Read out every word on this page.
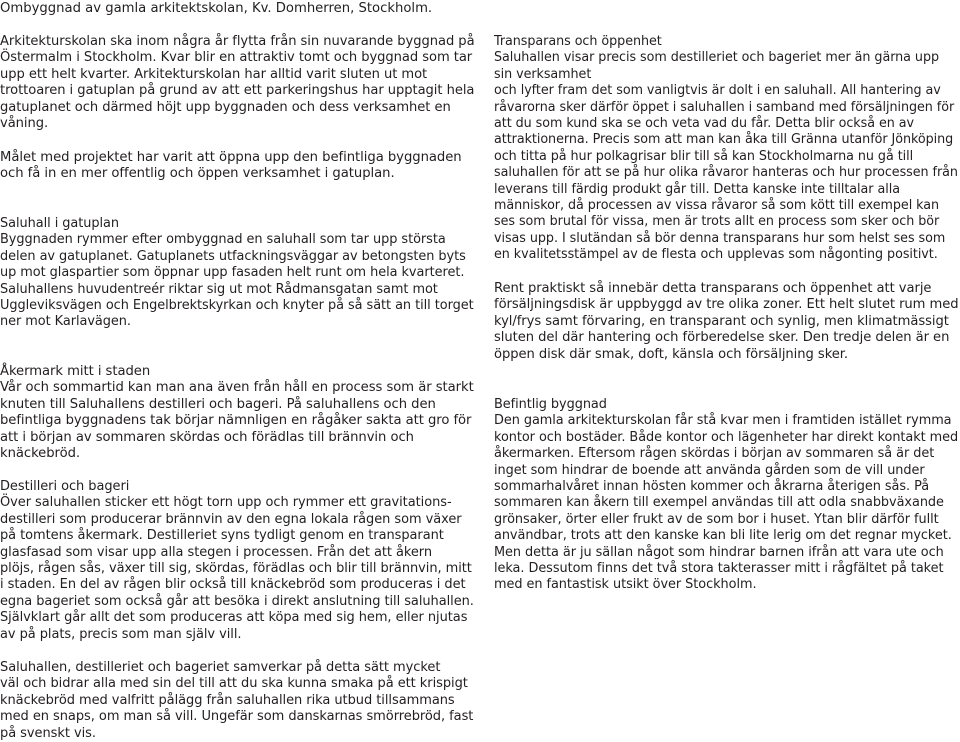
Ombyggnad av gamla arkitektskolan, Kv. Domherren, Stockholm.

Arkitekturskolan ska inom några år flytta från sin nuvarande byggnad på
Östermalm i Stockholm. Kvar blir en attraktiv tomt och byggnad som tar
upp ett helt kvarter. Arkitekturskolan har alltid varit sluten ut mot
trottoaren i gatuplan på grund av att ett parkeringshus har upptagit hela
gatuplanet och därmed höjt upp byggnaden och dess verksamhet en
våning.

Målet med projektet har varit att öppna upp den befintliga byggnaden
och få in en mer offentlig och öppen verksamhet i gatuplan.

Saluhall i gatuplan
Byggnaden rymmer efter ombyggnad en saluhall som tar upp största
delen av gatuplanet. Gatuplanets utfackningsväggar av betongsten byts
up mot glaspartier som öppnar upp fasaden helt runt om hela kvarteret.
Saluhallens huvudentreér riktar sig ut mot Rådmansgatan samt mot
Uggleviksvägen och Engelbrektskyrkan och knyter på så sätt an till torget
ner mot Karlavägen.
Åkermark mitt i staden
Vår och sommartid kan man ana även från håll en process som är starkt
knuten till Saluhallens destilleri och bageri. På saluhallens och den
befintliga byggnadens tak börjar nämnligen en rågåker sakta att gro för
att i början av sommaren skördas och förädlas till brännvin och
knäckebröd.
Destilleri och bageri
Över saluhallen sticker ett högt torn upp och rymmer ett gravitations-
destilleri som producerar brännvin av den egna lokala rågen som växer
på tomtens åkermark. Destilleriet syns tydligt genom en transparant
glasfasad som visar upp alla stegen i processen. Från det att åkern
plöjs, rågen sås, växer till sig, skördas, förädlas och blir till brännvin, mitt
i staden. En del av rågen blir också till knäckebröd som produceras i det
egna bageriet som också går att besöka i direkt anslutning till saluhallen.
Självklart går allt det som produceras att köpa med sig hem, eller njutas
av på plats, precis som man själv vill.

Saluhallen, destilleriet och bageriet samverkar på detta sätt mycket
väl och bidrar alla med sin del till att du ska kunna smaka på ett krispigt
knäckebröd med valfritt pålägg från saluhallen rika utbud tillsammans
med en snaps, om man så vill. Ungefär som danskarnas smörrebröd, fast
på svenskt vis.

Transparans och öppenhet
Saluhallen visar precis som destilleriet och bageriet mer än gärna upp
sin verksamhet
och lyfter fram det som vanligtvis är dolt i en saluhall. All hantering av
råvarorna sker därför öppet i saluhallen i samband med försäljningen för
att du som kund ska se och veta vad du får. Detta blir också en av
attraktionerna. Precis som att man kan åka till Gränna utanför Jönköping
och titta på hur polkagrisar blir till så kan Stockholmarna nu gå till
saluhallen för att se på hur olika råvaror hanteras och hur processen från
leverans till färdig produkt går till. Detta kanske inte tilltalar alla
människor, då processen av vissa råvaror så som kött till exempel kan
ses som brutal för vissa, men är trots allt en process som sker och bör
visas upp. I slutändan så bör denna transparans hur som helst ses som
en kvalitetsstämpel av de flesta och upplevas som någonting positivt.

Rent praktiskt så innebär detta transparans och öppenhet att varje
försäljningsdisk är uppbyggd av tre olika zoner. Ett helt slutet rum med
kyl/frys samt förvaring, en transparant och synlig, men klimatmässigt
sluten del där hantering och förberedelse sker. Den tredje delen är en
öppen disk där smak, doft, känsla och försäljning sker.

Befintlig byggnad
Den gamla arkitekturskolan får stå kvar men i framtiden istället rymma
kontor och bostäder. Både kontor och lägenheter har direkt kontakt med
åkermarken. Eftersom rågen skördas i början av sommaren så är det
inget som hindrar de boende att använda gården som de vill under
sommarhalvåret innan hösten kommer och åkrarna återigen sås. På
sommaren kan åkern till exempel användas till att odla snabbväxande
grönsaker, örter eller frukt av de som bor i huset. Ytan blir därför fullt
användbar, trots att den kanske kan bli lite lerig om det regnar mycket.
Men detta är ju sällan något som hindrar barnen ifrån att vara ute och
leka. Dessutom finns det två stora takterasser mitt i rågfältet på taket
med en fantastisk utsikt över Stockholm.
